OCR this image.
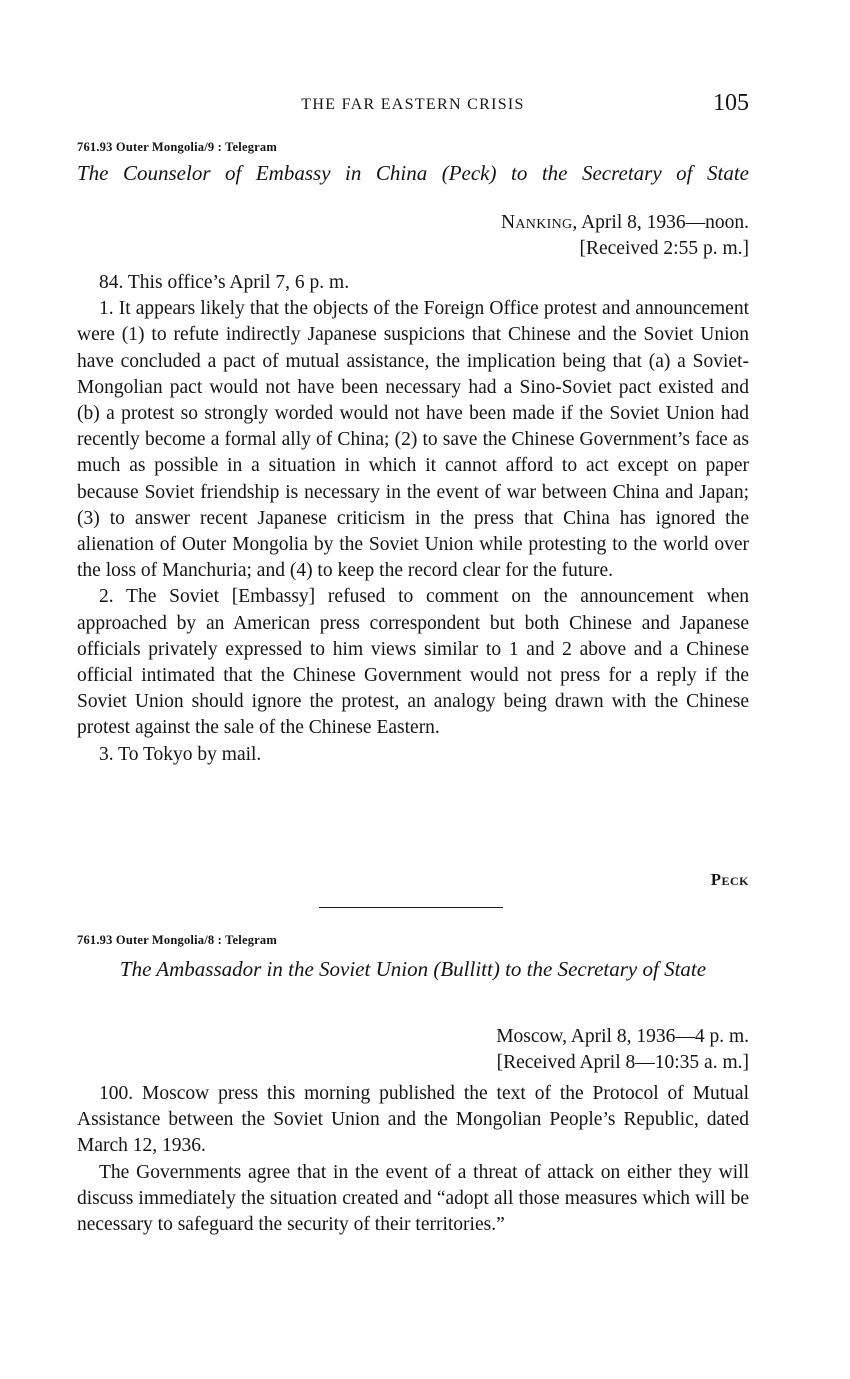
THE FAR EASTERN CRISIS	105
761.93 Outer Mongolia/9 : Telegram
The Counselor of Embassy in China (Peck) to the Secretary of State
Nanking, April 8, 1936—noon.
[Received 2:55 p. m.]

84. This office’s April 7, 6 p. m.

1. It appears likely that the objects of the Foreign Office protest and announcement were (1) to refute indirectly Japanese suspicions that Chinese and the Soviet Union have concluded a pact of mutual assistance, the implication being that (a) a Soviet-Mongolian pact would not have been necessary had a Sino-Soviet pact existed and (b) a protest so strongly worded would not have been made if the Soviet Union had recently become a formal ally of China; (2) to save the Chinese Government’s face as much as possible in a situation in which it cannot afford to act except on paper because Soviet friendship is necessary in the event of war between China and Japan; (3) to answer recent Japanese criticism in the press that China has ignored the alienation of Outer Mongolia by the Soviet Union while protesting to the world over the loss of Manchuria; and (4) to keep the record clear for the future.

2. The Soviet [Embassy] refused to comment on the announcement when approached by an American press correspondent but both Chinese and Japanese officials privately expressed to him views similar to 1 and 2 above and a Chinese official intimated that the Chinese Government would not press for a reply if the Soviet Union should ignore the protest, an analogy being drawn with the Chinese protest against the sale of the Chinese Eastern.

3. To Tokyo by mail.

Peck
761.93 Outer Mongolia/8 : Telegram
The Ambassador in the Soviet Union (Bullitt) to the Secretary of State
Moscow, April 8, 1936—4 p. m.
[Received April 8—10:35 a. m.]

100. Moscow press this morning published the text of the Protocol of Mutual Assistance between the Soviet Union and the Mongolian People’s Republic, dated March 12, 1936.

The Governments agree that in the event of a threat of attack on either they will discuss immediately the situation created and “adopt all those measures which will be necessary to safeguard the security of their territories.”
